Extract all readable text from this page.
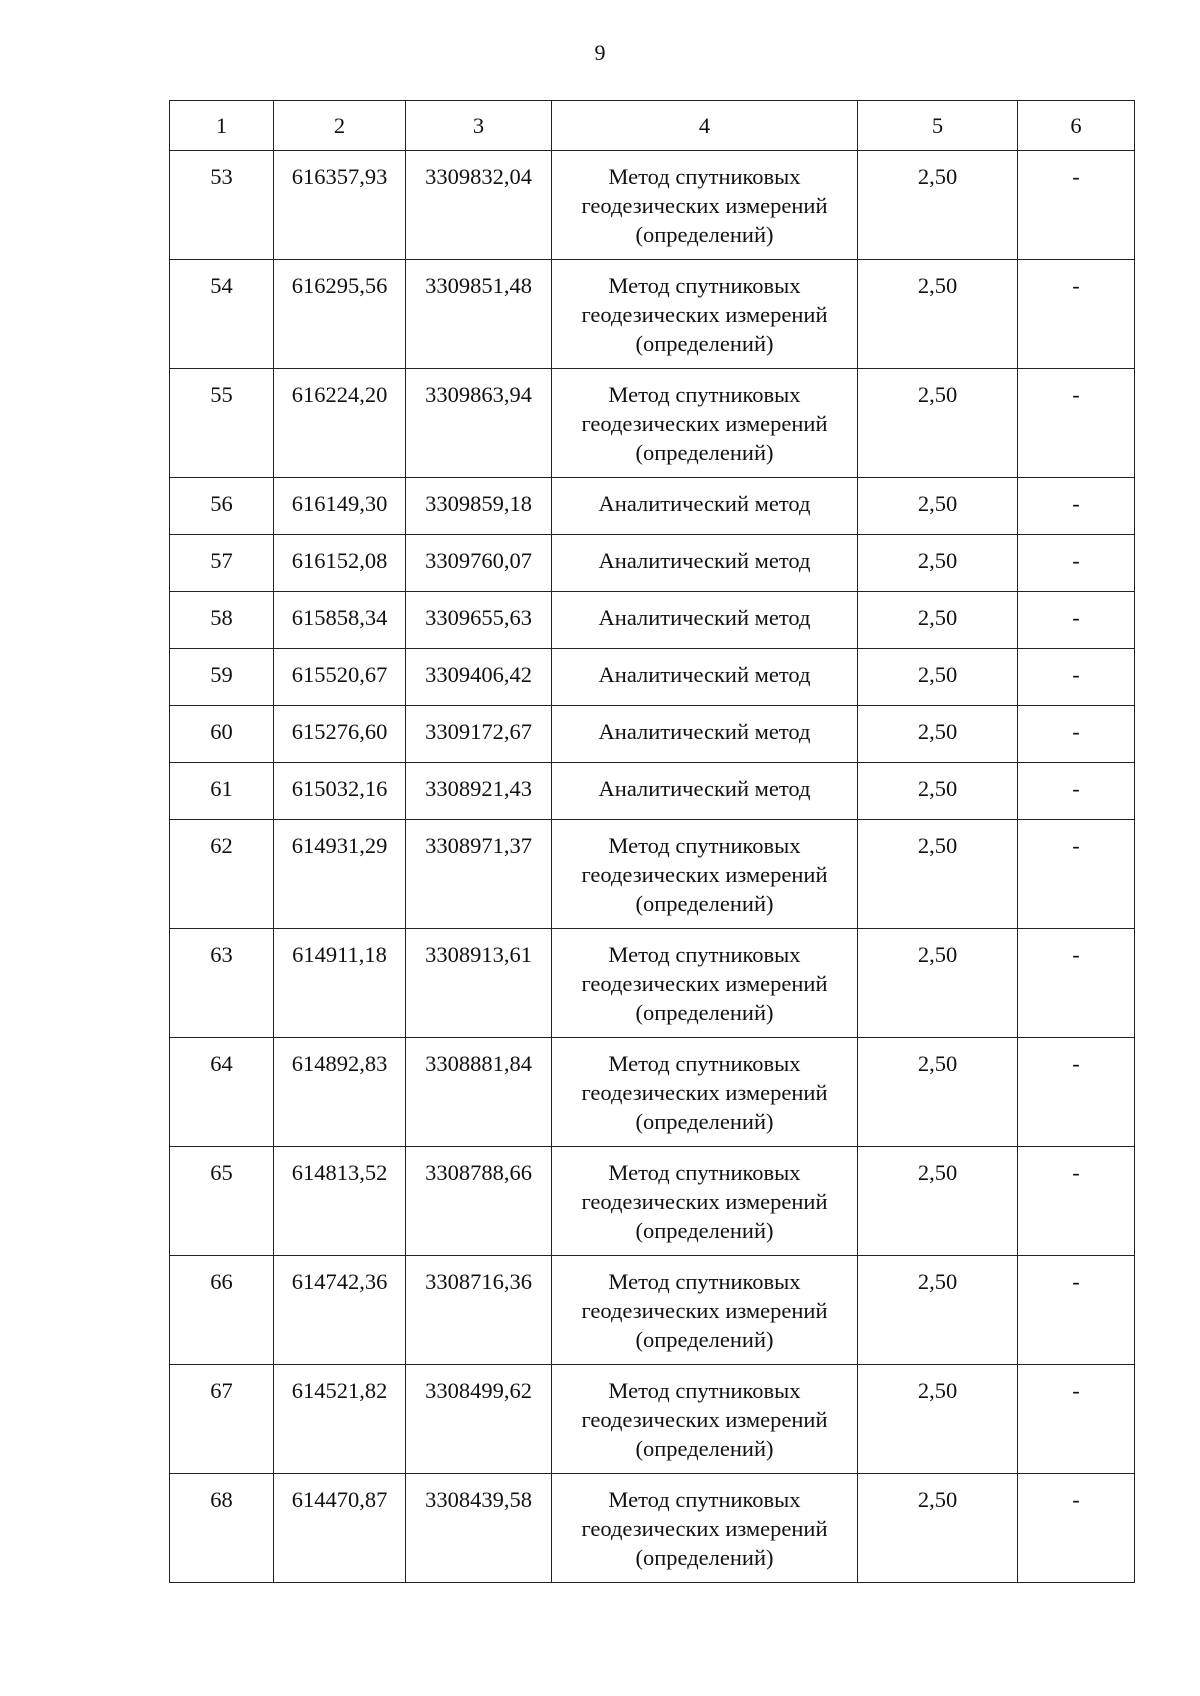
9
1	2	3	4	5	6
53	616357,93	3309832,04	Метод спутниковых
геодезических измерений
(определений)	2,50	-
54	616295,56	3309851,48	Метод спутниковых
геодезических измерений
(определений)	2,50	-
55	616224,20	3309863,94	Метод спутниковых
геодезических измерений
(определений)	2,50	-
56	616149,30	3309859,18	Аналитический метод	2,50	-
57	616152,08	3309760,07	Аналитический метод	2,50	-
58	615858,34	3309655,63	Аналитический метод	2,50	-
59	615520,67	3309406,42	Аналитический метод	2,50	-
60	615276,60	3309172,67	Аналитический метод	2,50	-
61	615032,16	3308921,43	Аналитический метод	2,50	-
62	614931,29	3308971,37	Метод спутниковых
геодезических измерений
(определений)	2,50	-
63	614911,18	3308913,61	Метод спутниковых
геодезических измерений
(определений)	2,50	-
64	614892,83	3308881,84	Метод спутниковых
геодезических измерений
(определений)	2,50	-
65	614813,52	3308788,66	Метод спутниковых
геодезических измерений
(определений)	2,50	-
66	614742,36	3308716,36	Метод спутниковых
геодезических измерений
(определений)	2,50	-
67	614521,82	3308499,62	Метод спутниковых
геодезических измерений
(определений)	2,50	-
68	614470,87	3308439,58	Метод спутниковых
геодезических измерений
(определений)	2,50	-
